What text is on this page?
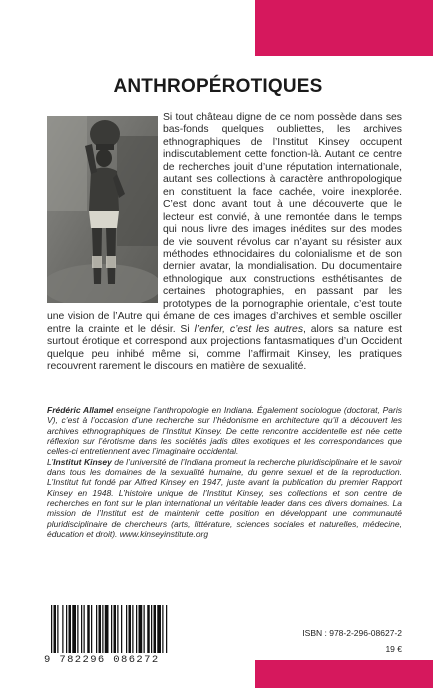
ANTHROPÉROTIQUES
Si tout château digne de ce nom possède dans ses bas-fonds quelques oubliettes, les archives ethnographiques de l’Institut Kinsey occupent indiscutablement cette fonction-là. Autant ce centre de recherches jouit d’une réputation internationale, autant ses collections à caractère anthropologique en constituent la face cachée, voire inexplorée. C’est donc avant tout à une découverte que le lecteur est convié, à une remontée dans le temps qui nous livre des images inédites sur des modes de vie souvent révolus car n’ayant su résister aux méthodes ethnocidaires du colonialisme et de son dernier avatar, la mondialisation. Du documentaire ethnologique aux constructions esthétisantes de certaines photographies, en passant par les prototypes de la pornographie orientale, c’est toute une vision de l’Autre qui émane de ces images d’archives et semble osciller entre la crainte et le désir. Si l’enfer, c’est les autres, alors sa nature est surtout érotique et correspond aux projections fantasmatiques d’un Occident quelque peu inhibé même si, comme l’affirmait Kinsey, les pratiques recouvrent rarement le discours en matière de sexualité.

Frédéric Allamel enseigne l’anthropologie en Indiana. Également sociologue (doctorat, Paris V), c’est à l’occasion d’une recherche sur l’hédonisme en architecture qu’il a découvert les archives ethnographiques de l’Institut Kinsey. De cette rencontre accidentelle est née cette réflexion sur l’érotisme dans les sociétés jadis dites exotiques et les correspondances que celles-ci entretiennent avec l’imaginaire occidental.

L’Institut Kinsey de l’université de l’Indiana promeut la recherche pluridisciplinaire et le savoir dans tous les domaines de la sexualité humaine, du genre sexuel et de la reproduction. L’Institut fut fondé par Alfred Kinsey en 1947, juste avant la publication du premier Rapport Kinsey en 1948. L’histoire unique de l’Institut Kinsey, ses collections et son centre de recherches en font sur le plan international un véritable leader dans ces divers domaines. La mission de l’Institut est de maintenir cette position en développant une communauté pluridisciplinaire de chercheurs (arts, littérature, sciences sociales et naturelles, médecine, éducation et droit). www.kinseyinstitute.org

9 782296 086272
ISBN : 978-2-296-08627-2
19 €
